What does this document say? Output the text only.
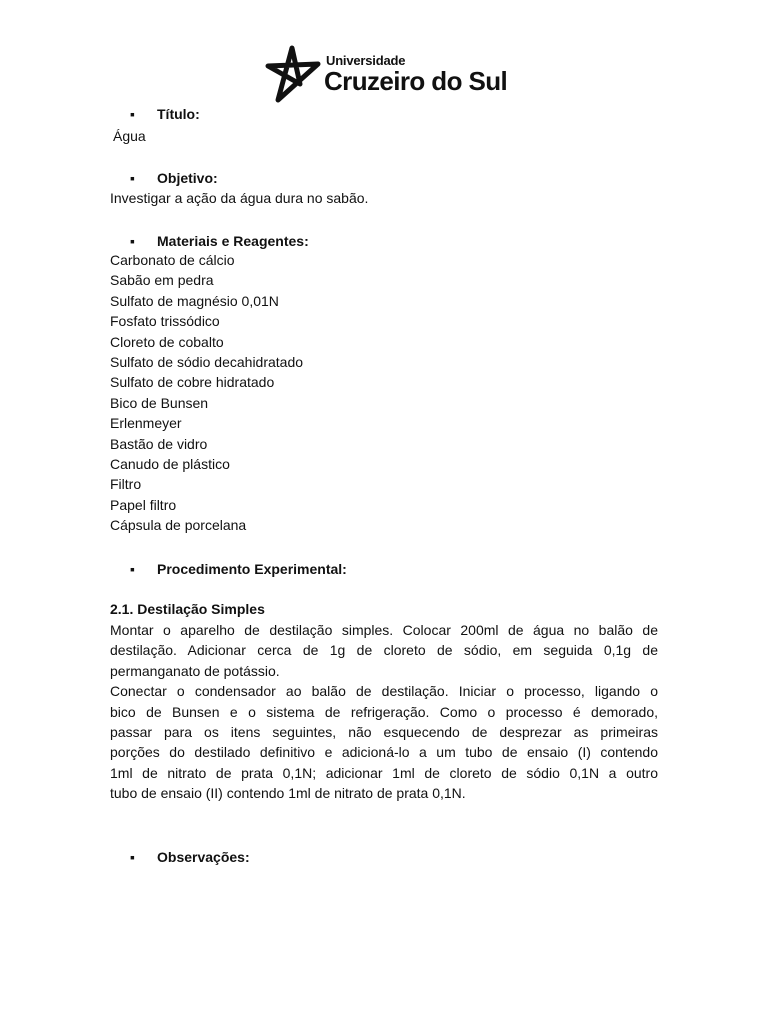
Universidade
Cruzeiro do Sul
▪ Título:
Água
▪ Objetivo:
Investigar a ação da água dura no sabão.
▪ Materiais e Reagentes:
Carbonato de cálcio
Sabão em pedra
Sulfato de magnésio 0,01N
Fosfato trissódico
Cloreto de cobalto
Sulfato de sódio decahidratado
Sulfato de cobre hidratado
Bico de Bunsen
Erlenmeyer
Bastão de vidro
Canudo de plástico
Filtro
Papel filtro
Cápsula de porcelana
▪ Procedimento Experimental:
2.1. Destilação Simples
Montar o aparelho de destilação simples. Colocar 200ml de água no balão de
destilação. Adicionar cerca de 1g de cloreto de sódio, em seguida 0,1g de
permanganato de potássio.
Conectar o condensador ao balão de destilação. Iniciar o processo, ligando o
bico de Bunsen e o sistema de refrigeração. Como o processo é demorado,
passar para os itens seguintes, não esquecendo de desprezar as primeiras
porções do destilado definitivo e adicioná-lo a um tubo de ensaio (I) contendo
1ml de nitrato de prata 0,1N; adicionar 1ml de cloreto de sódio 0,1N a outro
tubo de ensaio (II) contendo 1ml de nitrato de prata 0,1N.
▪ Observações:
